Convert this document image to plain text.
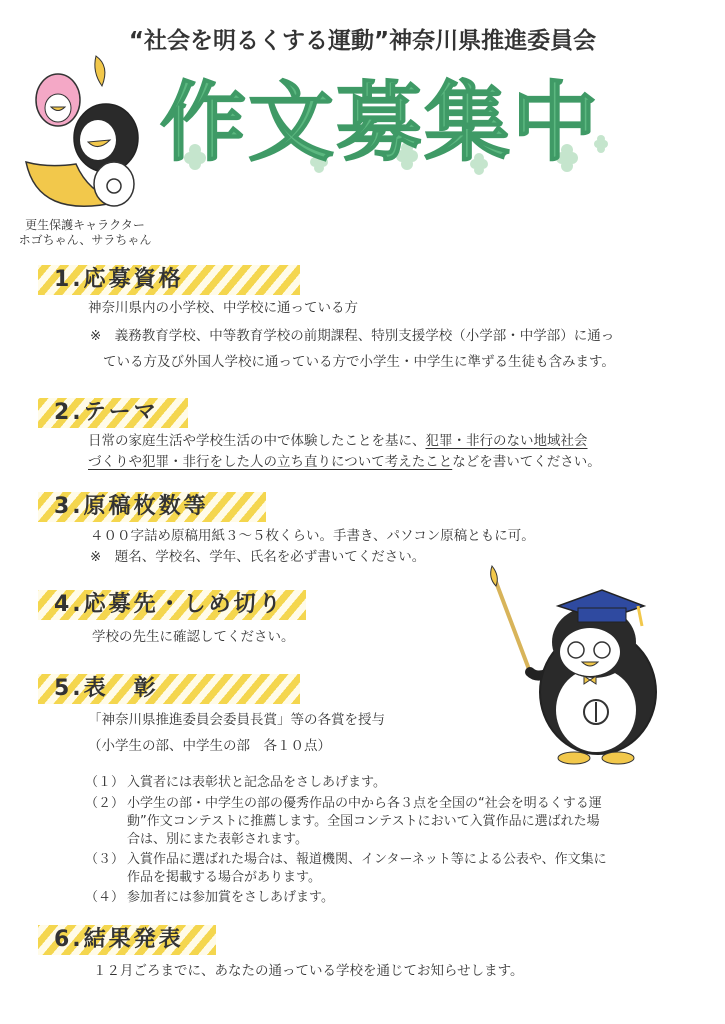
“社会を明るくする運動”神奈川県推進委員会
作文募集中
更生保護キャラクター
ホゴちゃん、サラちゃん
1.応募資格
神奈川県内の小学校、中学校に通っている方
※　義務教育学校、中等教育学校の前期課程、特別支援学校（小学部・中学部）に通っ
ている方及び外国人学校に通っている方で小学生・中学生に準ずる生徒も含みます。
2.テーマ
日常の家庭生活や学校生活の中で体験したことを基に、犯罪・非行のない地域社会
づくりや犯罪・非行をした人の立ち直りについて考えたことなどを書いてください。
3.原稿枚数等
４００字詰め原稿用紙３～５枚くらい。手書き、パソコン原稿ともに可。
※　題名、学校名、学年、氏名を必ず書いてください。
4.応募先・しめ切り
学校の先生に確認してください。
5.表　彰
「神奈川県推進委員会委員長賞」等の各賞を授与
（小学生の部、中学生の部　各１０点）
（１） 入賞者には表彰状と記念品をさしあげます。
（２） 小学生の部・中学生の部の優秀作品の中から各３点を全国の“社会を明るくする運
動”作文コンテストに推薦します。全国コンテストにおいて入賞作品に選ばれた場
合は、別にまた表彰されます。
（３） 入賞作品に選ばれた場合は、報道機関、インターネット等による公表や、作文集に
作品を掲載する場合があります。
（４） 参加者には参加賞をさしあげます。
6.結果発表
１２月ごろまでに、あなたの通っている学校を通じてお知らせします。
